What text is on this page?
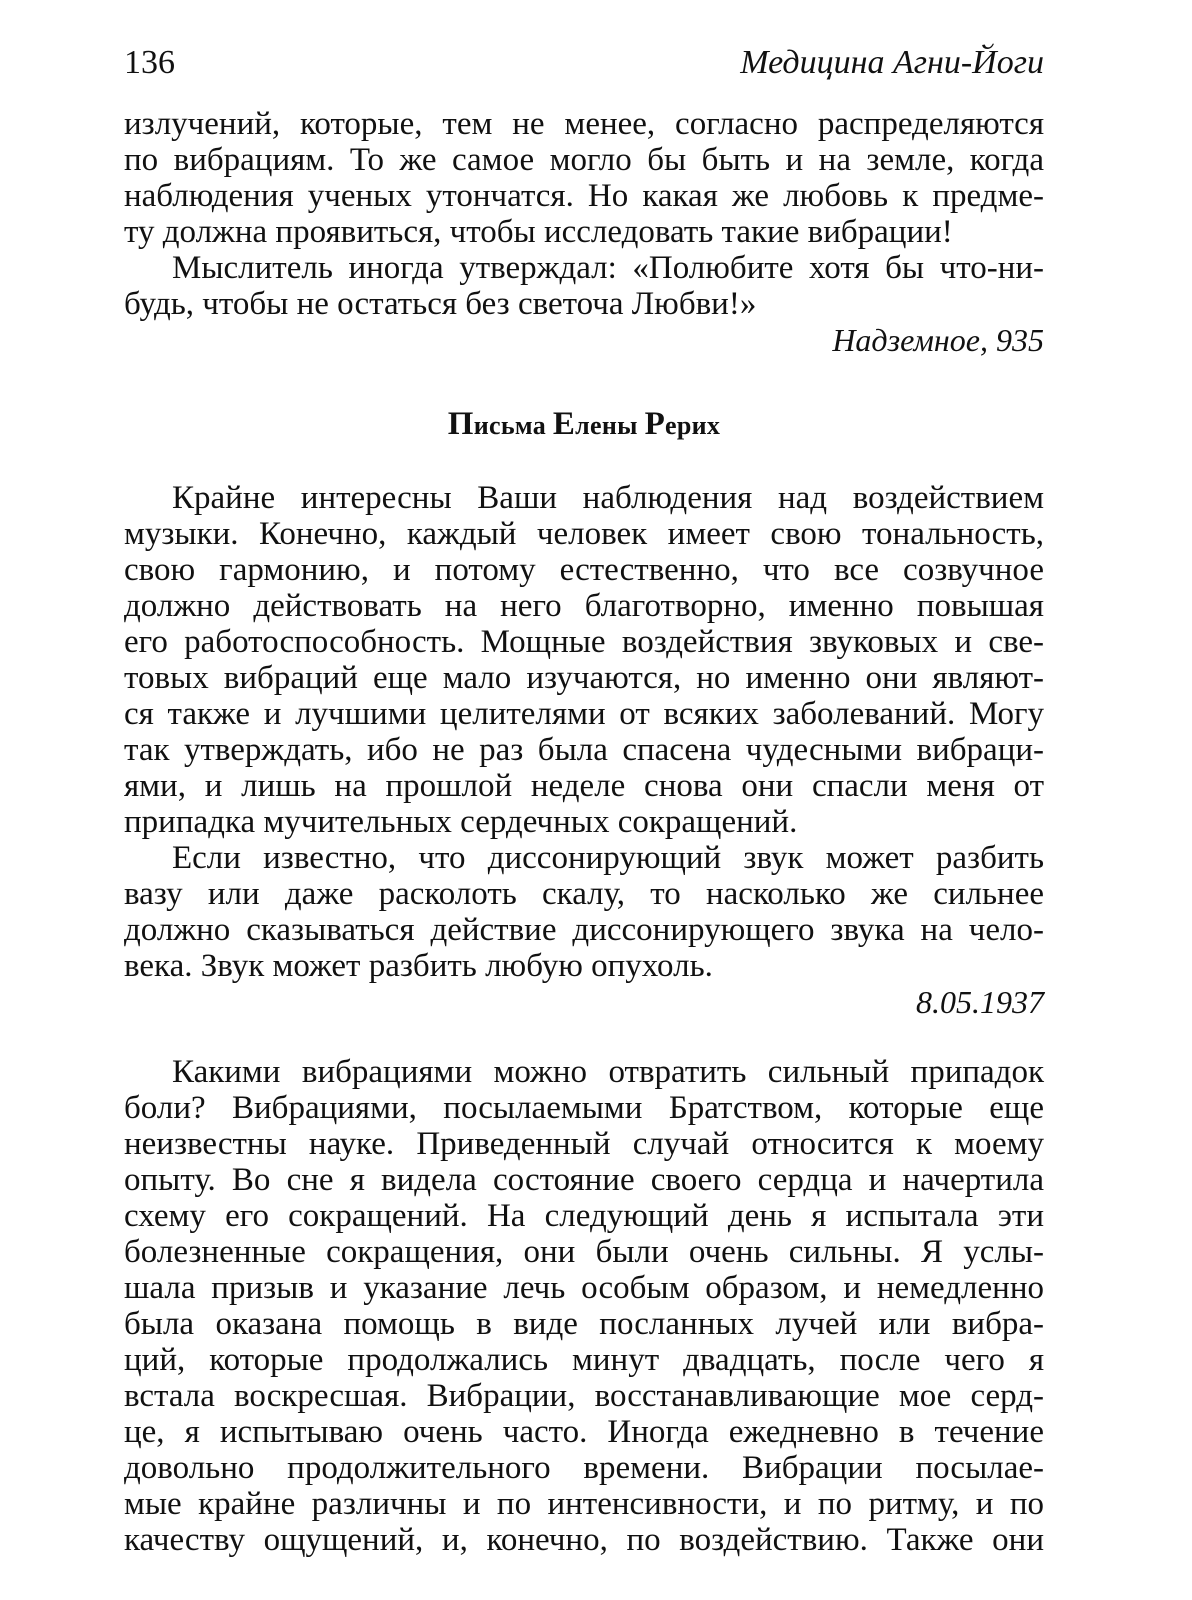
136	Медицина Агни-Йоги

излучений, которые, тем не менее, согласно распределяются
по вибрациям. То же самое могло бы быть и на земле, когда
наблюдения ученых утончатся. Но какая же любовь к предме-
ту должна проявиться, чтобы исследовать такие вибрации!

Мыслитель иногда утверждал: «Полюбите хотя бы что-ни-
будь, чтобы не остаться без светоча Любви!»

Надземное, 935

Письма Елены Рерих

Крайне интересны Ваши наблюдения над воздействием
музыки. Конечно, каждый человек имеет свою тональность,
свою гармонию, и потому естественно, что все созвучное
должно действовать на него благотворно, именно повышая
его работоспособность. Мощные воздействия звуковых и све-
товых вибраций еще мало изучаются, но именно они являют-
ся также и лучшими целителями от всяких заболеваний. Могу
так утверждать, ибо не раз была спасена чудесными вибраци-
ями, и лишь на прошлой неделе снова они спасли меня от
припадка мучительных сердечных сокращений.

Если известно, что диссонирующий звук может разбить
вазу или даже расколоть скалу, то насколько же сильнее
должно сказываться действие диссонирующего звука на чело-
века. Звук может разбить любую опухоль.

8.05.1937

Какими вибрациями можно отвратить сильный припадок
боли? Вибрациями, посылаемыми Братством, которые еще
неизвестны науке. Приведенный случай относится к моему
опыту. Во сне я видела состояние своего сердца и начертила
схему его сокращений. На следующий день я испытала эти
болезненные сокращения, они были очень сильны. Я услы-
шала призыв и указание лечь особым образом, и немедленно
была оказана помощь в виде посланных лучей или вибра-
ций, которые продолжались минут двадцать, после чего я
встала воскресшая. Вибрации, восстанавливающие мое серд-
це, я испытываю очень часто. Иногда ежедневно в течение
довольно продолжительного времени. Вибрации посылае-
мые крайне различны и по интенсивности, и по ритму, и по
качеству ощущений, и, конечно, по воздействию. Также они
